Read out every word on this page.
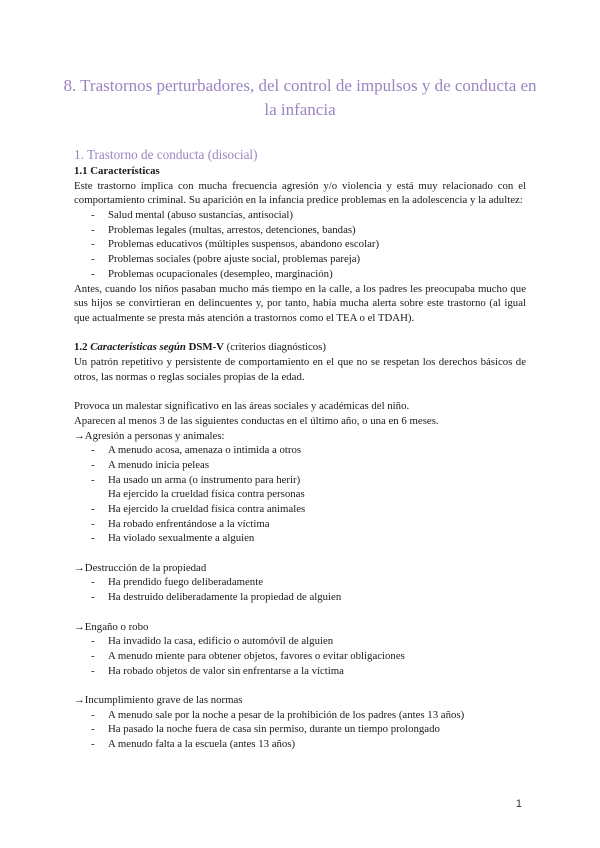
8. Trastornos perturbadores, del control de impulsos y de conducta en la infancia
1. Trastorno de conducta (disocial)
1.1 Características
Este trastorno implica con mucha frecuencia agresión y/o violencia y está muy relacionado con el comportamiento criminal. Su aparición en la infancia predice problemas en la adolescencia y la adultez:
- Salud mental (abuso sustancias, antisocial)
- Problemas legales (multas, arrestos, detenciones, bandas)
- Problemas educativos (múltiples suspensos, abandono escolar)
- Problemas sociales (pobre ajuste social, problemas pareja)
- Problemas ocupacionales (desempleo, marginación)
Antes, cuando los niños pasaban mucho más tiempo en la calle, a los padres les preocupaba mucho que sus hijos se convirtieran en delincuentes y, por tanto, había mucha alerta sobre este trastorno (al igual que actualmente se presta más atención a trastornos como el TEA o el TDAH).
1.2 Características según DSM-V (criterios diagnósticos)
Un patrón repetitivo y persistente de comportamiento en el que no se respetan los derechos básicos de otros, las normas o reglas sociales propias de la edad.
Provoca un malestar significativo en las áreas sociales y académicas del niño.
Aparecen al menos 3 de las siguientes conductas en el último año, o una en 6 meses.
→Agresión a personas y animales:
- A menudo acosa, amenaza o intimida a otros
- A menudo inicia peleas
- Ha usado un arma (o instrumento para herir)
Ha ejercido la crueldad física contra personas
- Ha ejercido la crueldad física contra animales
- Ha robado enfrentándose a la víctima
- Ha violado sexualmente a alguien
→Destrucción de la propiedad
- Ha prendido fuego deliberadamente
- Ha destruido deliberadamente la propiedad de alguien
→Engaño o robo
- Ha invadido la casa, edificio o automóvil de alguien
- A menudo miente para obtener objetos, favores o evitar obligaciones
- Ha robado objetos de valor sin enfrentarse a la víctima
→Incumplimiento grave de las normas
- A menudo sale por la noche a pesar de la prohibición de los padres (antes 13 años)
- Ha pasado la noche fuera de casa sin permiso, durante un tiempo prolongado
- A menudo falta a la escuela (antes 13 años)
1
